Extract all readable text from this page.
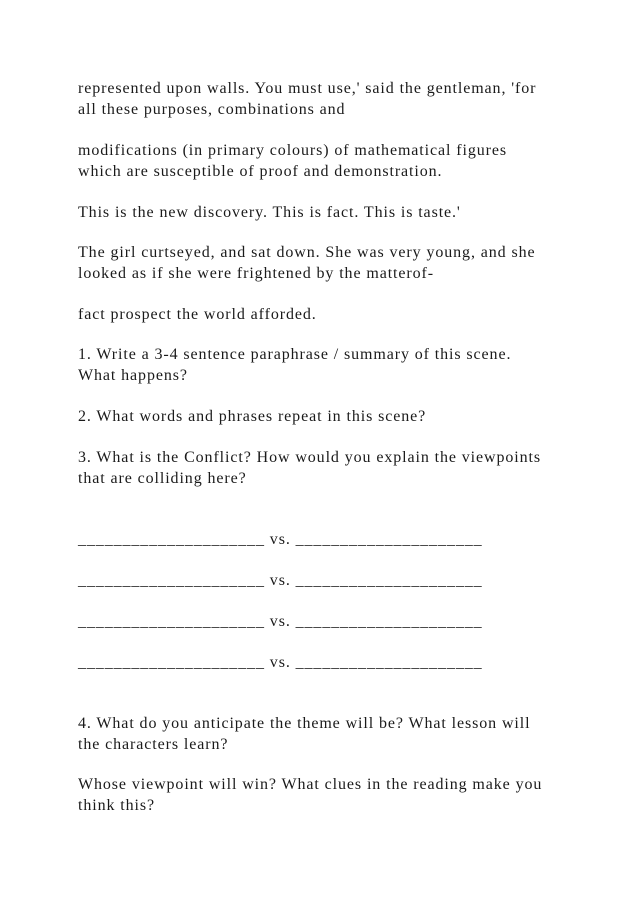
represented upon walls. You must use,' said the gentleman, 'for
all these purposes, combinations and
modifications (in primary colours) of mathematical figures
which are susceptible of proof and demonstration.
This is the new discovery. This is fact. This is taste.'
The girl curtseyed, and sat down. She was very young, and she
looked as if she were frightened by the matterof-
fact prospect the world afforded.
1. Write a 3-4 sentence paraphrase / summary of this scene.
What happens?
2. What words and phrases repeat in this scene?
3. What is the Conflict? How would you explain the viewpoints
that are colliding here?
_____________________ vs. _____________________
_____________________ vs. _____________________
_____________________ vs. _____________________
_____________________ vs. _____________________
4. What do you anticipate the theme will be? What lesson will
the characters learn?
Whose viewpoint will win? What clues in the reading make you
think this?
